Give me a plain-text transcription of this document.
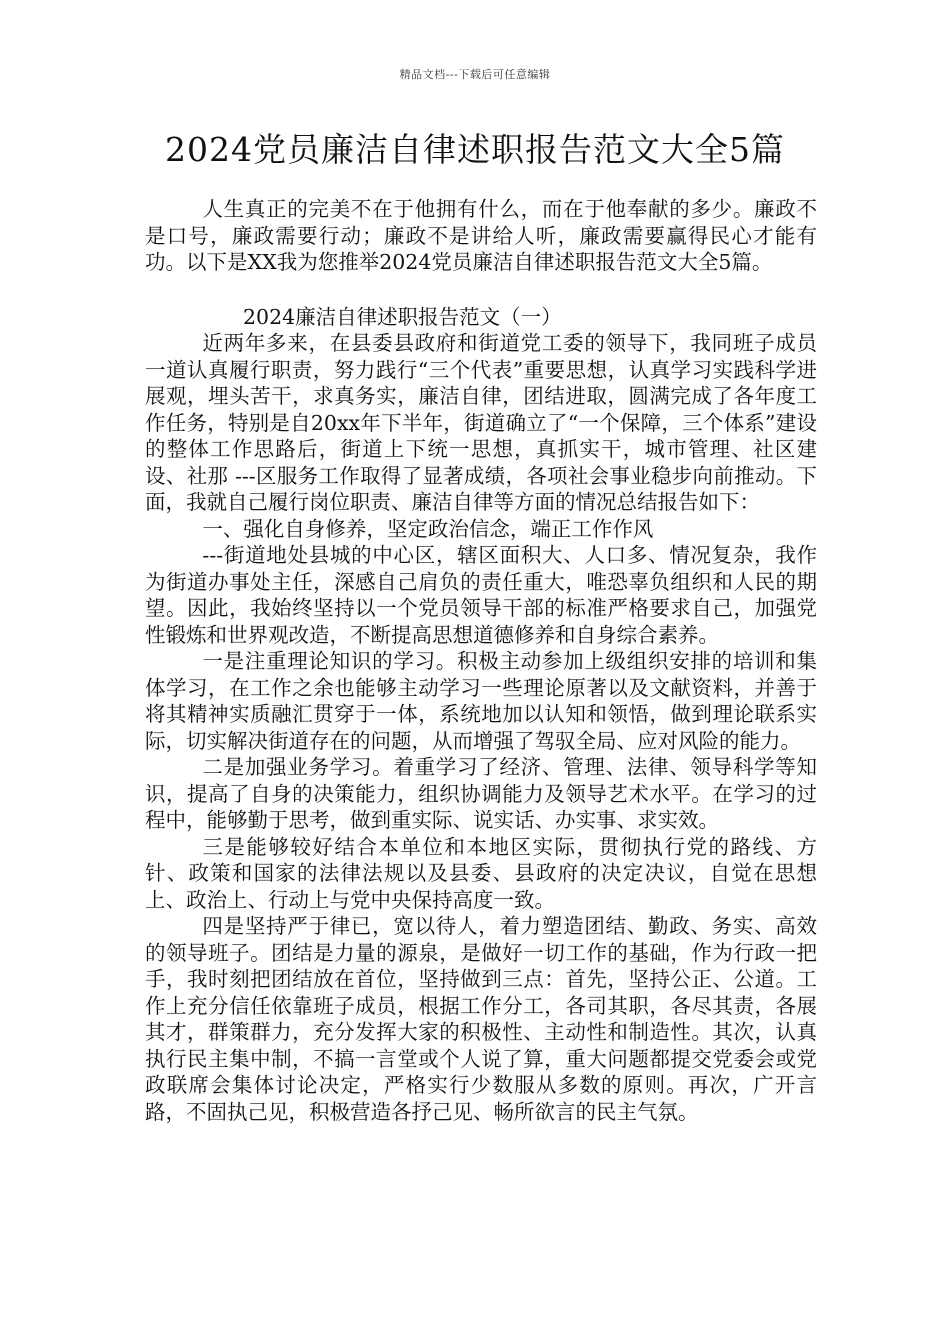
精品文档---下载后可任意编辑
2024党员廉洁自律述职报告范文大全5篇

人生真正的完美不在于他拥有什么，而在于他奉献的多少。廉政不是口号，廉政需要行动；廉政不是讲给人听，廉政需要赢得民心才能有功。以下是XX我为您推举2024党员廉洁自律述职报告范文大全5篇。

2024廉洁自律述职报告范文（一）

近两年多来，在县委县政府和街道党工委的领导下，我同班子成员一道认真履行职责，努力践行“三个代表”重要思想，认真学习实践科学进展观，埋头苦干，求真务实，廉洁自律，团结进取，圆满完成了各年度工作任务，特别是自20xx年下半年，街道确立了“一个保障，三个体系”建设的整体工作思路后，街道上下统一思想，真抓实干，城市管理、社区建设、社那 ---区服务工作取得了显著成绩，各项社会事业稳步向前推动。下面，我就自己履行岗位职责、廉洁自律等方面的情况总结报告如下：

一、强化自身修养，坚定政治信念，端正工作作风

---街道地处县城的中心区，辖区面积大、人口多、情况复杂，我作为街道办事处主任，深感自己肩负的责任重大，唯恐辜负组织和人民的期望。因此，我始终坚持以一个党员领导干部的标准严格要求自己，加强党性锻炼和世界观改造，不断提高思想道德修养和自身综合素养。

一是注重理论知识的学习。积极主动参加上级组织安排的培训和集体学习，在工作之余也能够主动学习一些理论原著以及文献资料，并善于将其精神实质融汇贯穿于一体，系统地加以认知和领悟，做到理论联系实际，切实解决街道存在的问题，从而增强了驾驭全局、应对风险的能力。

二是加强业务学习。着重学习了经济、管理、法律、领导科学等知识，提高了自身的决策能力，组织协调能力及领导艺术水平。在学习的过程中，能够勤于思考，做到重实际、说实话、办实事、求实效。

三是能够较好结合本单位和本地区实际，贯彻执行党的路线、方针、政策和国家的法律法规以及县委、县政府的决定决议，自觉在思想上、政治上、行动上与党中央保持高度一致。

四是坚持严于律已，宽以待人，着力塑造团结、勤政、务实、高效的领导班子。团结是力量的源泉，是做好一切工作的基础，作为行政一把手，我时刻把团结放在首位，坚持做到三点：首先，坚持公正、公道。工作上充分信任依靠班子成员，根据工作分工，各司其职，各尽其责，各展其才，群策群力，充分发挥大家的积极性、主动性和制造性。其次，认真执行民主集中制，不搞一言堂或个人说了算，重大问题都提交党委会或党政联席会集体讨论决定，严格实行少数服从多数的原则。再次，广开言路，不固执己见，积极营造各抒己见、畅所欲言的民主气氛。
